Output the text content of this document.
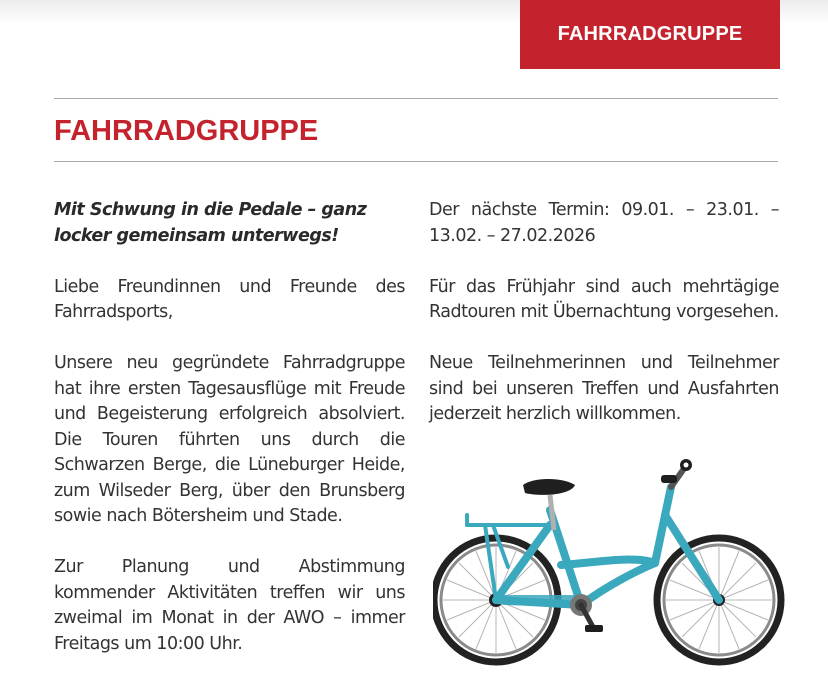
FAHRRADGRUPPE
FAHRRADGRUPPE

Mit Schwung in die Pedale – ganz locker gemeinsam unterwegs!

Liebe Freundinnen und Freunde des Fahrradsports,

Unsere neu gegründete Fahrradgruppe hat ihre ersten Tagesausflüge mit Freude und Begeisterung erfolgreich absolviert. Die Touren führten uns durch die Schwarzen Berge, die Lüneburger Heide, zum Wilseder Berg, über den Brunsberg sowie nach Bötersheim und Stade.

Zur Planung und Abstimmung kommender Aktivitäten treffen wir uns zweimal im Monat in der AWO – immer Freitags um 10:00 Uhr.

Der nächste Termin: 09.01. – 23.01. – 13.02. – 27.02.2026

Für das Frühjahr sind auch mehrtägige Radtouren mit Übernachtung vorgesehen.

Neue Teilnehmerinnen und Teilnehmer sind bei unseren Treffen und Ausfahrten jederzeit herzlich willkommen.
